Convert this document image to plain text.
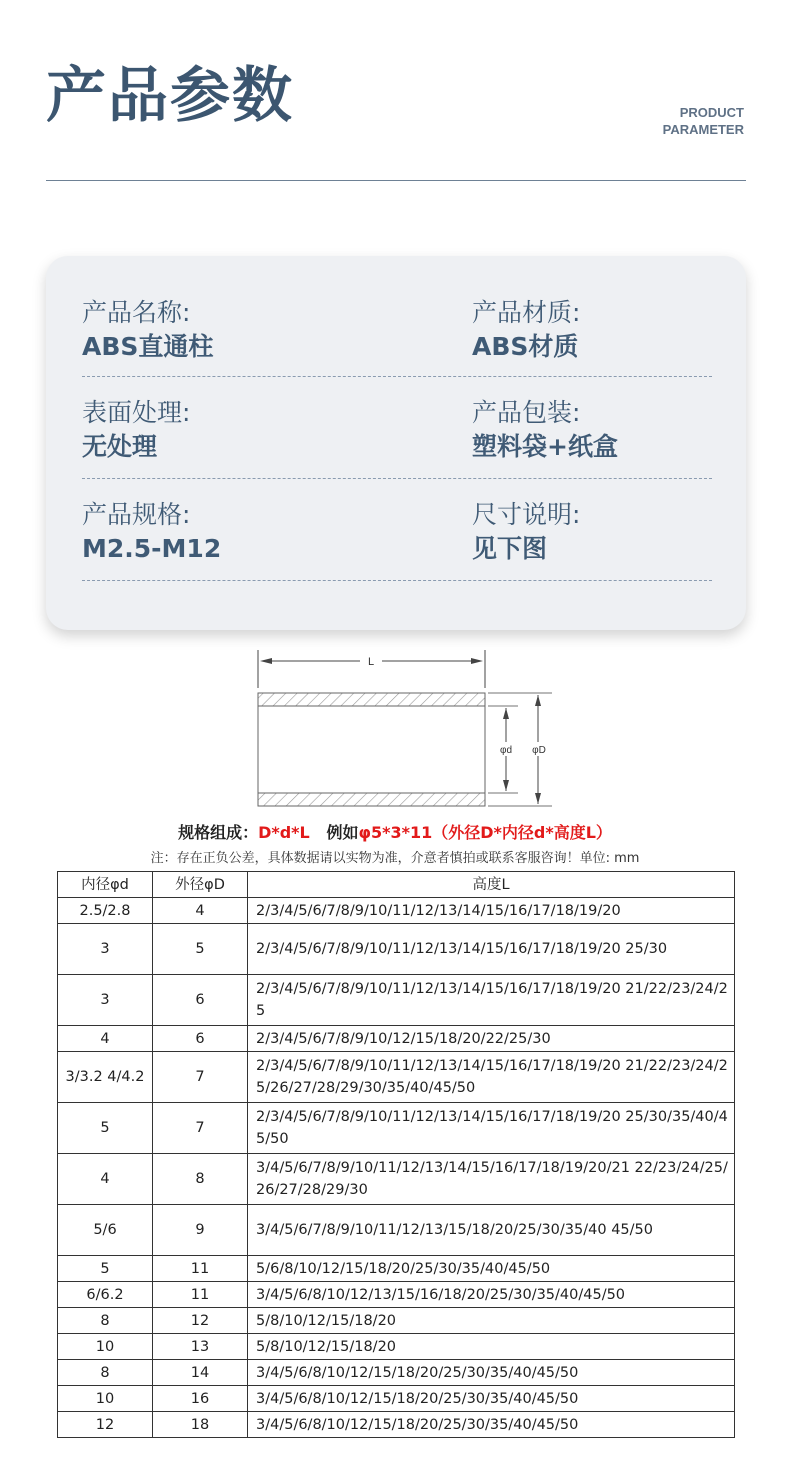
产品参数	PRODUCT
PARAMETER
产品名称:
ABS直通柱
产品材质:
ABS材质
表面处理:
无处理
产品包装:
塑料袋+纸盒
产品规格:
M2.5-M12
尺寸说明:
见下图
L
φd φD
规格组成：D*d*L 例如φ5*3*11（外径D*内径d*高度L）
注：存在正负公差，具体数据请以实物为准，介意者慎拍或联系客服咨询！单位: mm
内径φd	外径φD	高度L
2.5/2.8	4	2/3/4/5/6/7/8/9/10/11/12/13/14/15/16/17/18/19/20
3	5	2/3/4/5/6/7/8/9/10/11/12/13/14/15/16/17/18/19/20 25/30
3	6	2/3/4/5/6/7/8/9/10/11/12/13/14/15/16/17/18/19/20 21/22/23/24/25
4	6	2/3/4/5/6/7/8/9/10/12/15/18/20/22/25/30
3/3.2 4/4.2	7	2/3/4/5/6/7/8/9/10/11/12/13/14/15/16/17/18/19/20 21/22/23/24/25/26/27/28/29/30/35/40/45/50
5	7	2/3/4/5/6/7/8/9/10/11/12/13/14/15/16/17/18/19/20 25/30/35/40/45/50
4	8	3/4/5/6/7/8/9/10/11/12/13/14/15/16/17/18/19/20/21 22/23/24/25/26/27/28/29/30
5/6	9	3/4/5/6/7/8/9/10/11/12/13/15/18/20/25/30/35/40 45/50
5	11	5/6/8/10/12/15/18/20/25/30/35/40/45/50
6/6.2	11	3/4/5/6/8/10/12/13/15/16/18/20/25/30/35/40/45/50
8	12	5/8/10/12/15/18/20
10	13	5/8/10/12/15/18/20
8	14	3/4/5/6/8/10/12/15/18/20/25/30/35/40/45/50
10	16	3/4/5/6/8/10/12/15/18/20/25/30/35/40/45/50
12	18	3/4/5/6/8/10/12/15/18/20/25/30/35/40/45/50
